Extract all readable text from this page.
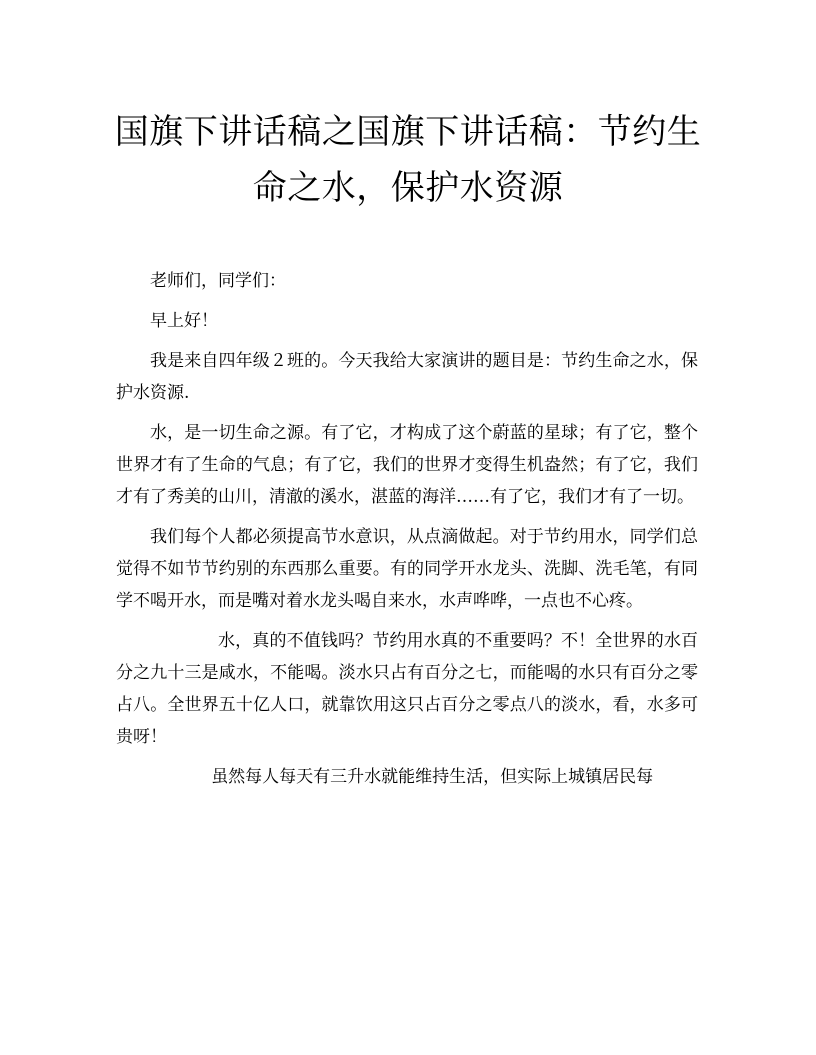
国旗下讲话稿之国旗下讲话稿：节约生命之水，保护水资源

老师们，同学们：

早上好！

我是来自四年级２班的。今天我给大家演讲的题目是：节约生命之水，保护水资源.

水，是一切生命之源。有了它，才构成了这个蔚蓝的星球；有了它，整个世界才有了生命的气息；有了它，我们的世界才变得生机盎然；有了它，我们才有了秀美的山川，清澈的溪水，湛蓝的海洋……有了它，我们才有了一切。

我们每个人都必须提高节水意识，从点滴做起。对于节约用水，同学们总觉得不如节节约别的东西那么重要。有的同学开水龙头、洗脚、洗毛笔，有同学不喝开水，而是嘴对着水龙头喝自来水，水声哗哗，一点也不心疼。

水，真的不值钱吗？节约用水真的不重要吗？不！全世界的水百分之九十三是咸水，不能喝。淡水只占有百分之七，而能喝的水只有百分之零占八。全世界五十亿人口，就靠饮用这只占百分之零点八的淡水，看，水多可贵呀！

虽然每人每天有三升水就能维持生活，但实际上城镇居民每
